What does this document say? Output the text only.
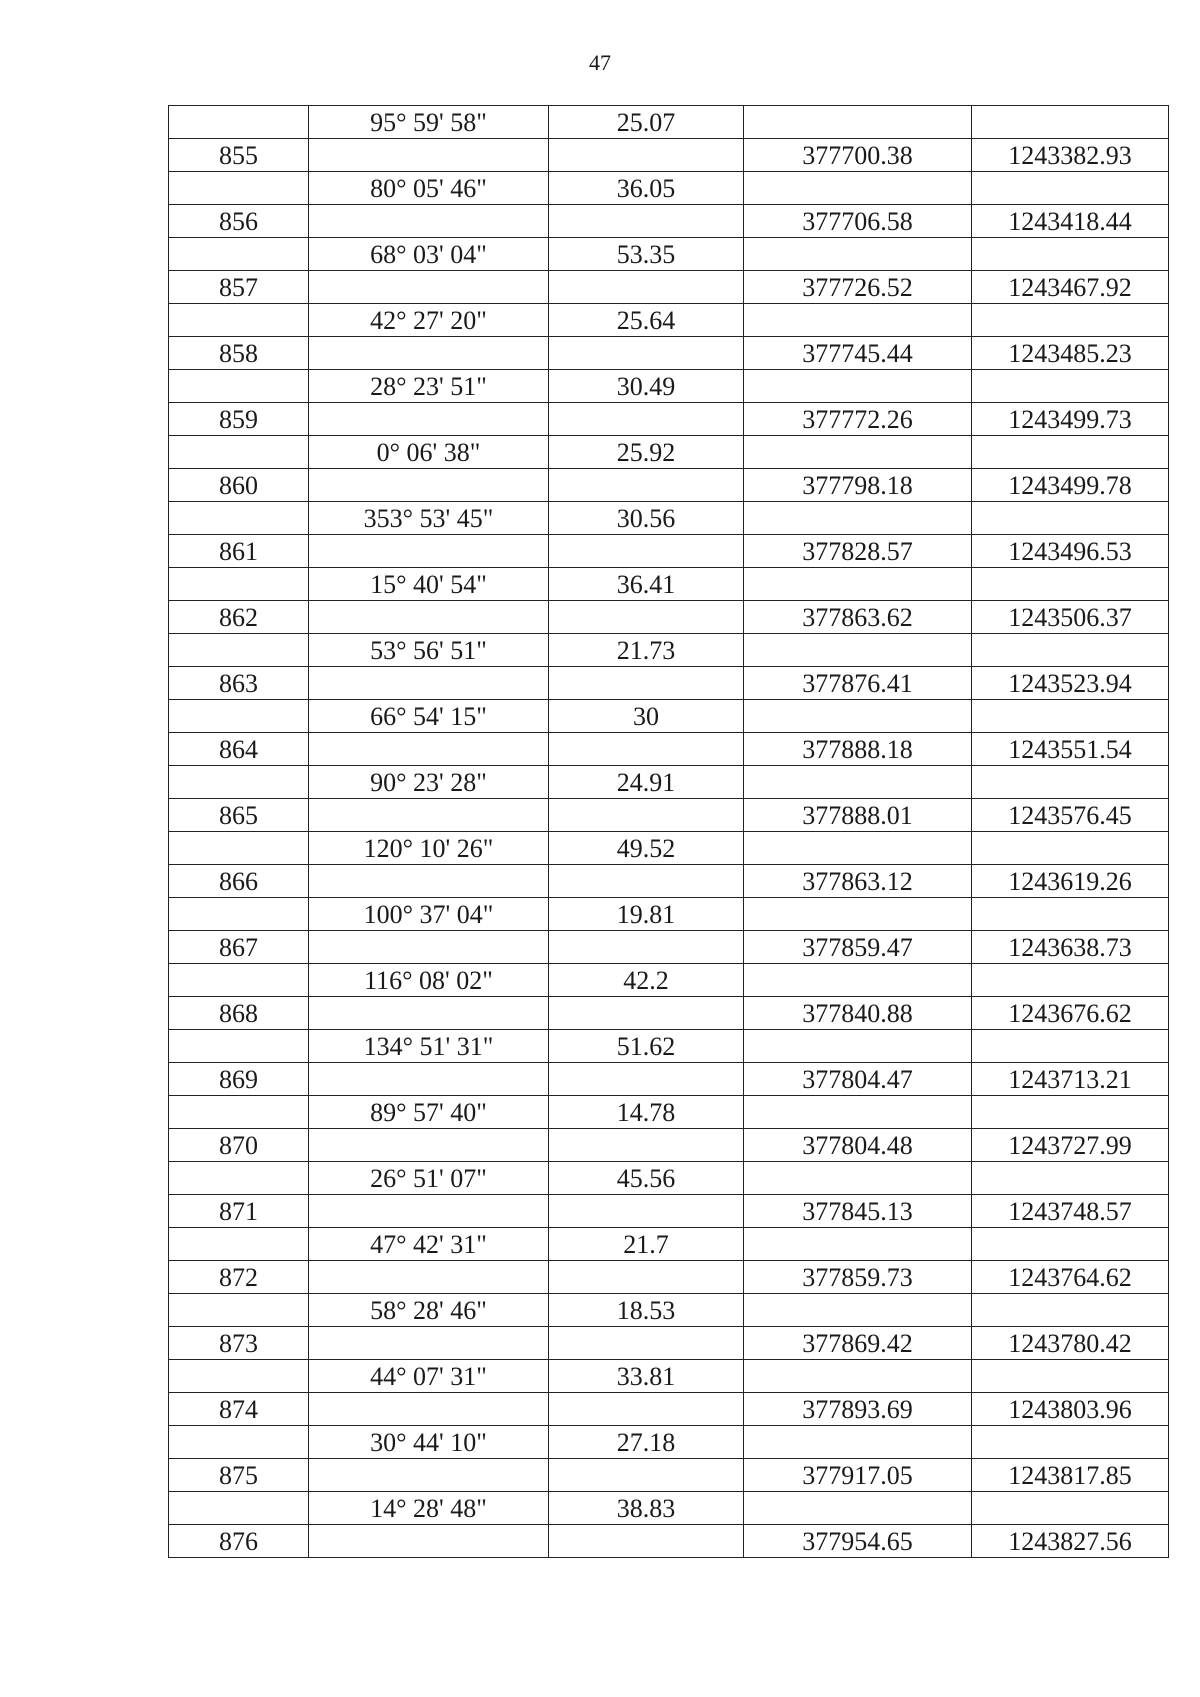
47
	95° 59' 58"	25.07		
855			377700.38	1243382.93
	80° 05' 46"	36.05		
856			377706.58	1243418.44
	68° 03' 04"	53.35		
857			377726.52	1243467.92
	42° 27' 20"	25.64		
858			377745.44	1243485.23
	28° 23' 51"	30.49		
859			377772.26	1243499.73
	0° 06' 38"	25.92		
860			377798.18	1243499.78
	353° 53' 45"	30.56		
861			377828.57	1243496.53
	15° 40' 54"	36.41		
862			377863.62	1243506.37
	53° 56' 51"	21.73		
863			377876.41	1243523.94
	66° 54' 15"	30		
864			377888.18	1243551.54
	90° 23' 28"	24.91		
865			377888.01	1243576.45
	120° 10' 26"	49.52		
866			377863.12	1243619.26
	100° 37' 04"	19.81		
867			377859.47	1243638.73
	116° 08' 02"	42.2		
868			377840.88	1243676.62
	134° 51' 31"	51.62		
869			377804.47	1243713.21
	89° 57' 40"	14.78		
870			377804.48	1243727.99
	26° 51' 07"	45.56		
871			377845.13	1243748.57
	47° 42' 31"	21.7		
872			377859.73	1243764.62
	58° 28' 46"	18.53		
873			377869.42	1243780.42
	44° 07' 31"	33.81		
874			377893.69	1243803.96
	30° 44' 10"	27.18		
875			377917.05	1243817.85
	14° 28' 48"	38.83		
876			377954.65	1243827.56
